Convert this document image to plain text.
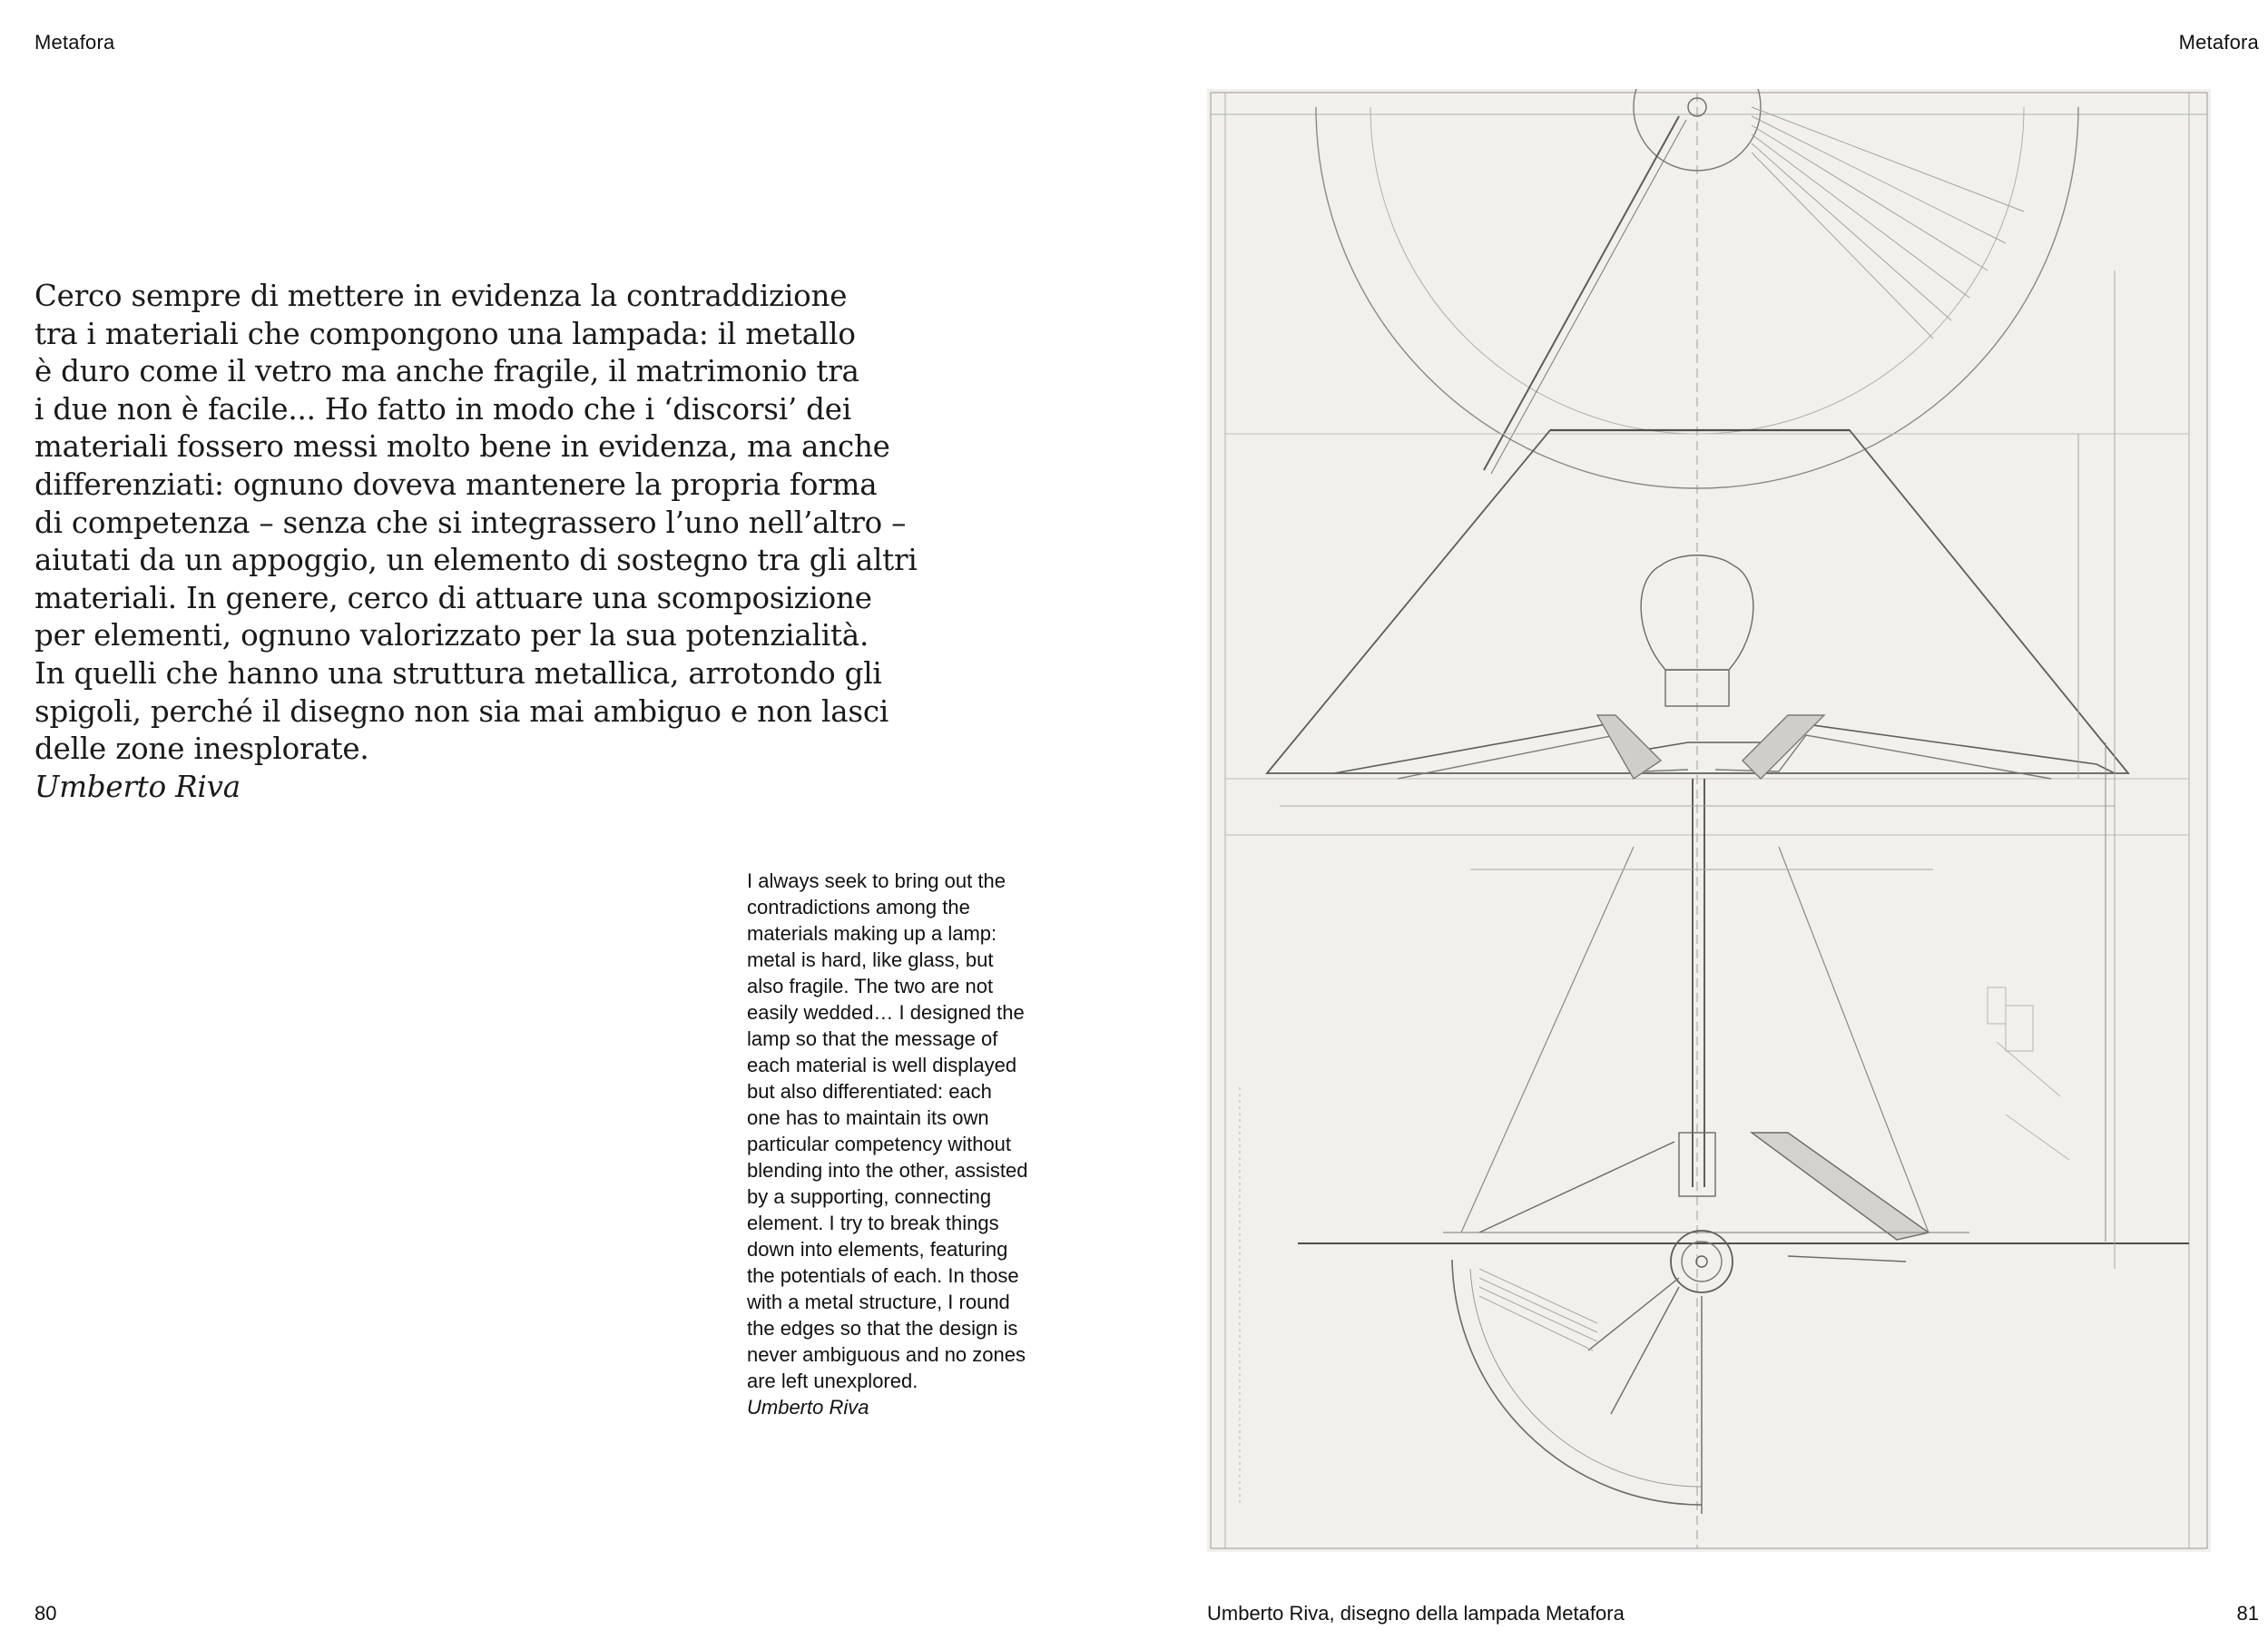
Metafora
Cerco sempre di mettere in evidenza la contraddizione
tra i materiali che compongono una lampada: il metallo
è duro come il vetro ma anche fragile, il matrimonio tra
i due non è facile... Ho fatto in modo che i ‘discorsi’ dei
materiali fossero messi molto bene in evidenza, ma anche
differenziati: ognuno doveva mantenere la propria forma
di competenza – senza che si integrassero l’uno nell’altro –
aiutati da un appoggio, un elemento di sostegno tra gli altri
materiali. In genere, cerco di attuare una scomposizione
per elementi, ognuno valorizzato per la sua potenzialità.
In quelli che hanno una struttura metallica, arrotondo gli
spigoli, perché il disegno non sia mai ambiguo e non lasci
delle zone inesplorate.
Umberto Riva
I always seek to bring out the
contradictions among the
materials making up a lamp:
metal is hard, like glass, but
also fragile. The two are not
easily wedded… I designed the
lamp so that the message of
each material is well displayed
but also differentiated: each
one has to maintain its own
particular competency without
blending into the other, assisted
by a supporting, connecting
element. I try to break things
down into elements, featuring
the potentials of each. In those
with a metal structure, I round
the edges so that the design is
never ambiguous and no zones
are left unexplored.
Umberto Riva
80
Metafora
Umberto Riva, disegno della lampada Metafora	81
